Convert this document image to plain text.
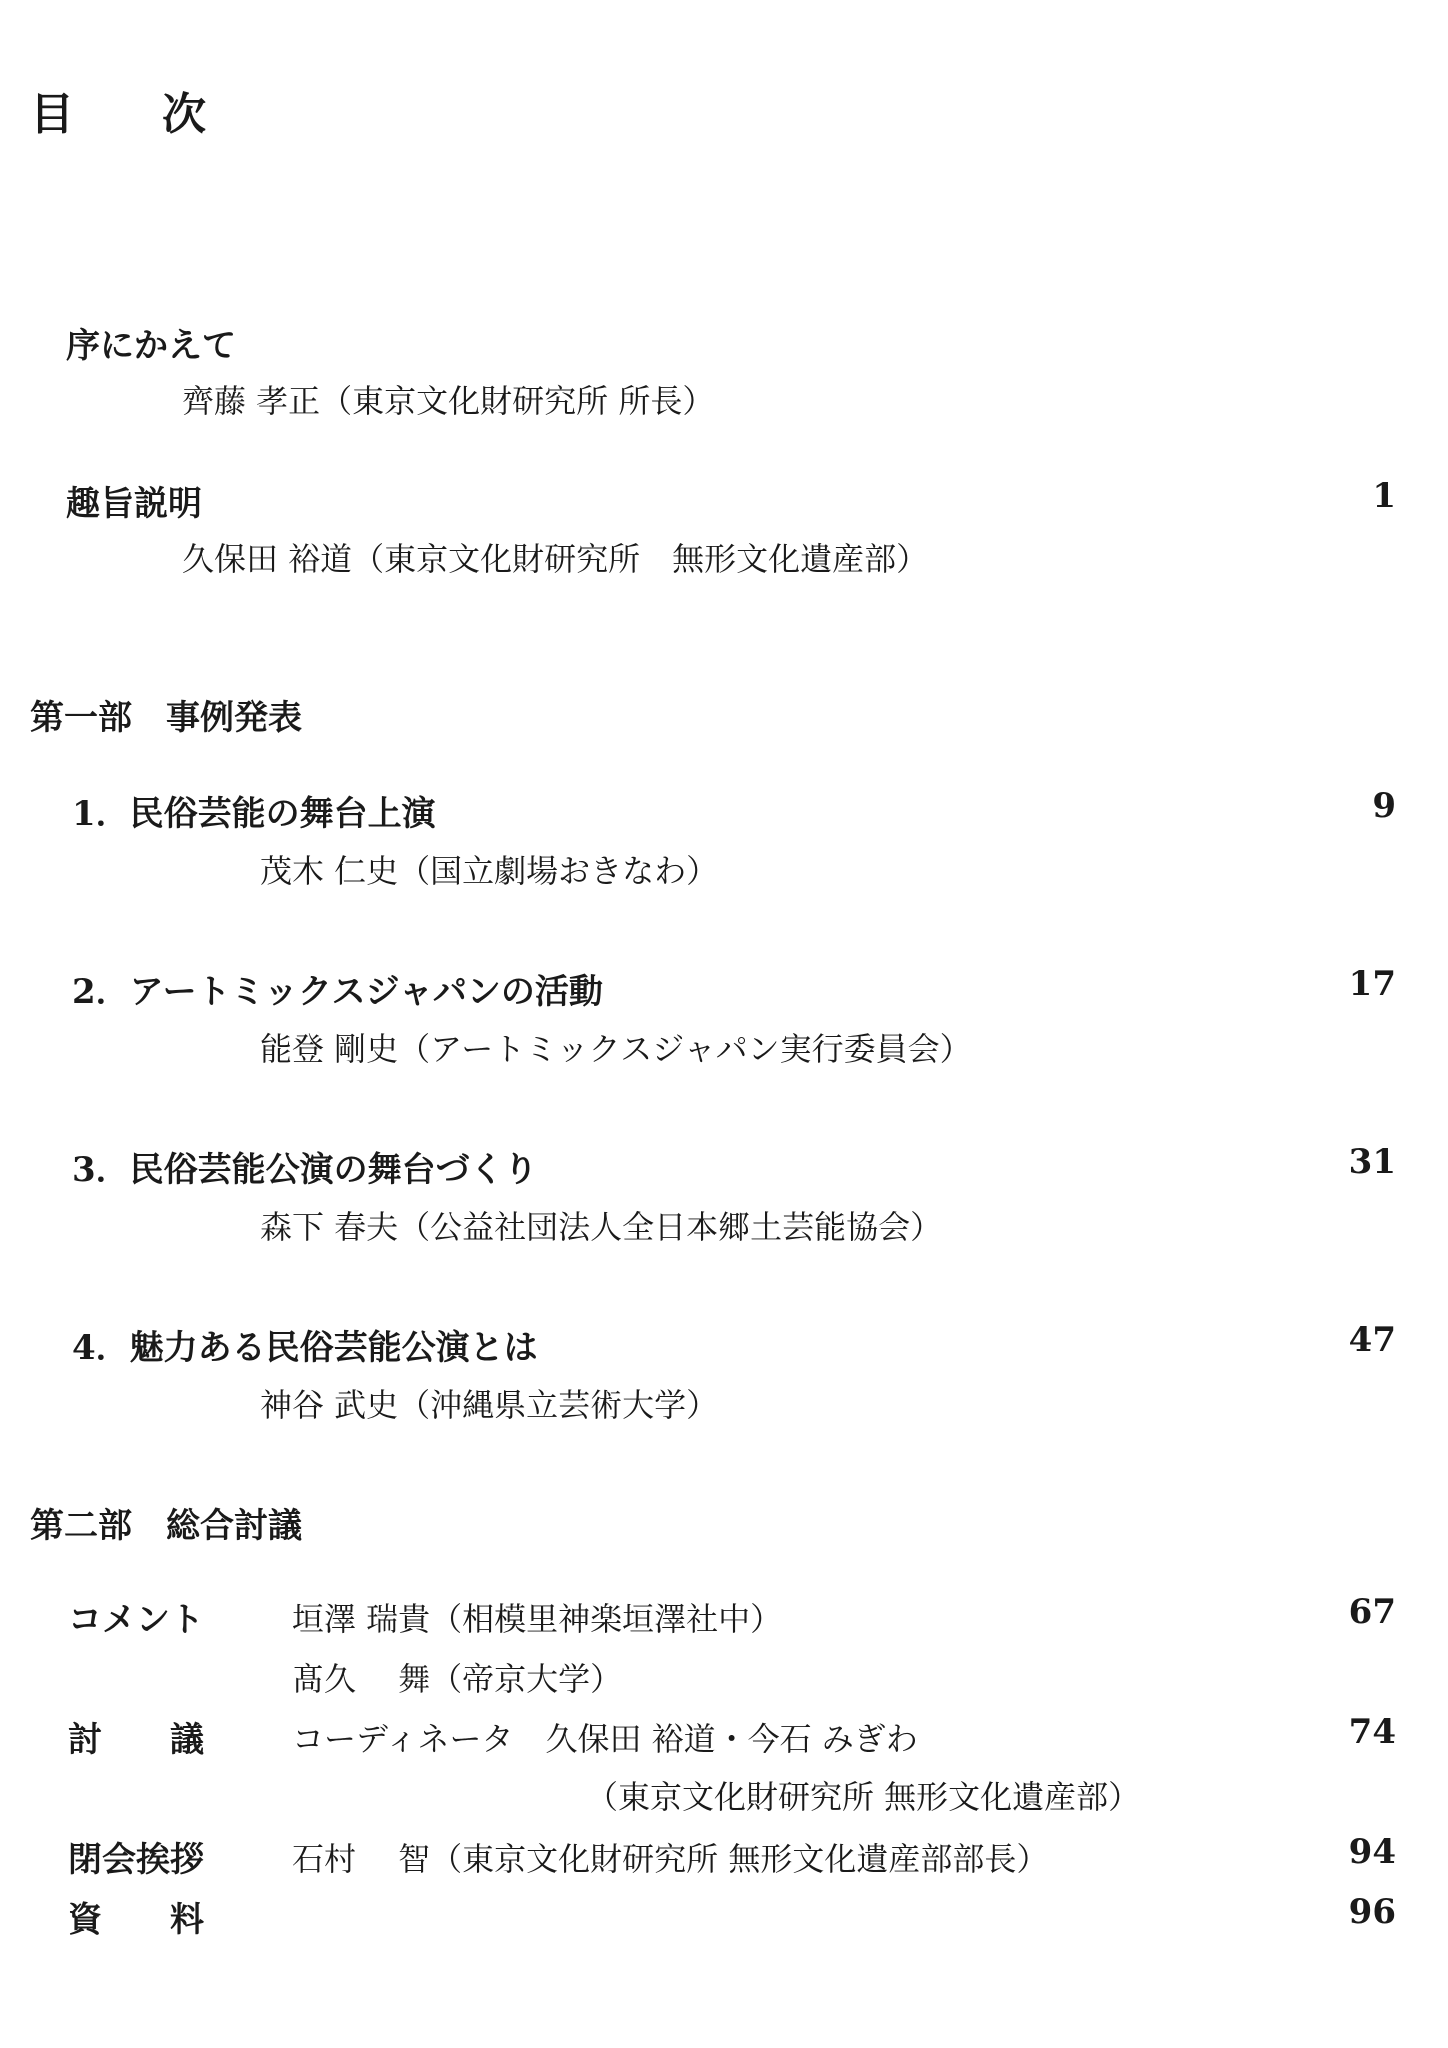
目　次
序にかえて
齊藤 孝正（東京文化財研究所 所長）
趣旨説明	1
久保田 裕道（東京文化財研究所　無形文化遺産部）
第一部　事例発表
1．民俗芸能の舞台上演	9
茂木 仁史（国立劇場おきなわ）
2．アートミックスジャパンの活動	17
能登 剛史（アートミックスジャパン実行委員会）
3．民俗芸能公演の舞台づくり	31
森下 春夫（公益社団法人全日本郷土芸能協会）
4．魅力ある民俗芸能公演とは	47
神谷 武史（沖縄県立芸術大学）
第二部　総合討議
コメント	垣澤 瑞貴（相模里神楽垣澤社中）	67
髙久　 舞（帝京大学）
討　　議	コーディネータ　久保田 裕道・今石 みぎわ	74
（東京文化財研究所 無形文化遺産部）
閉会挨拶	石村　 智（東京文化財研究所 無形文化遺産部部長）	94
資　　料	96
